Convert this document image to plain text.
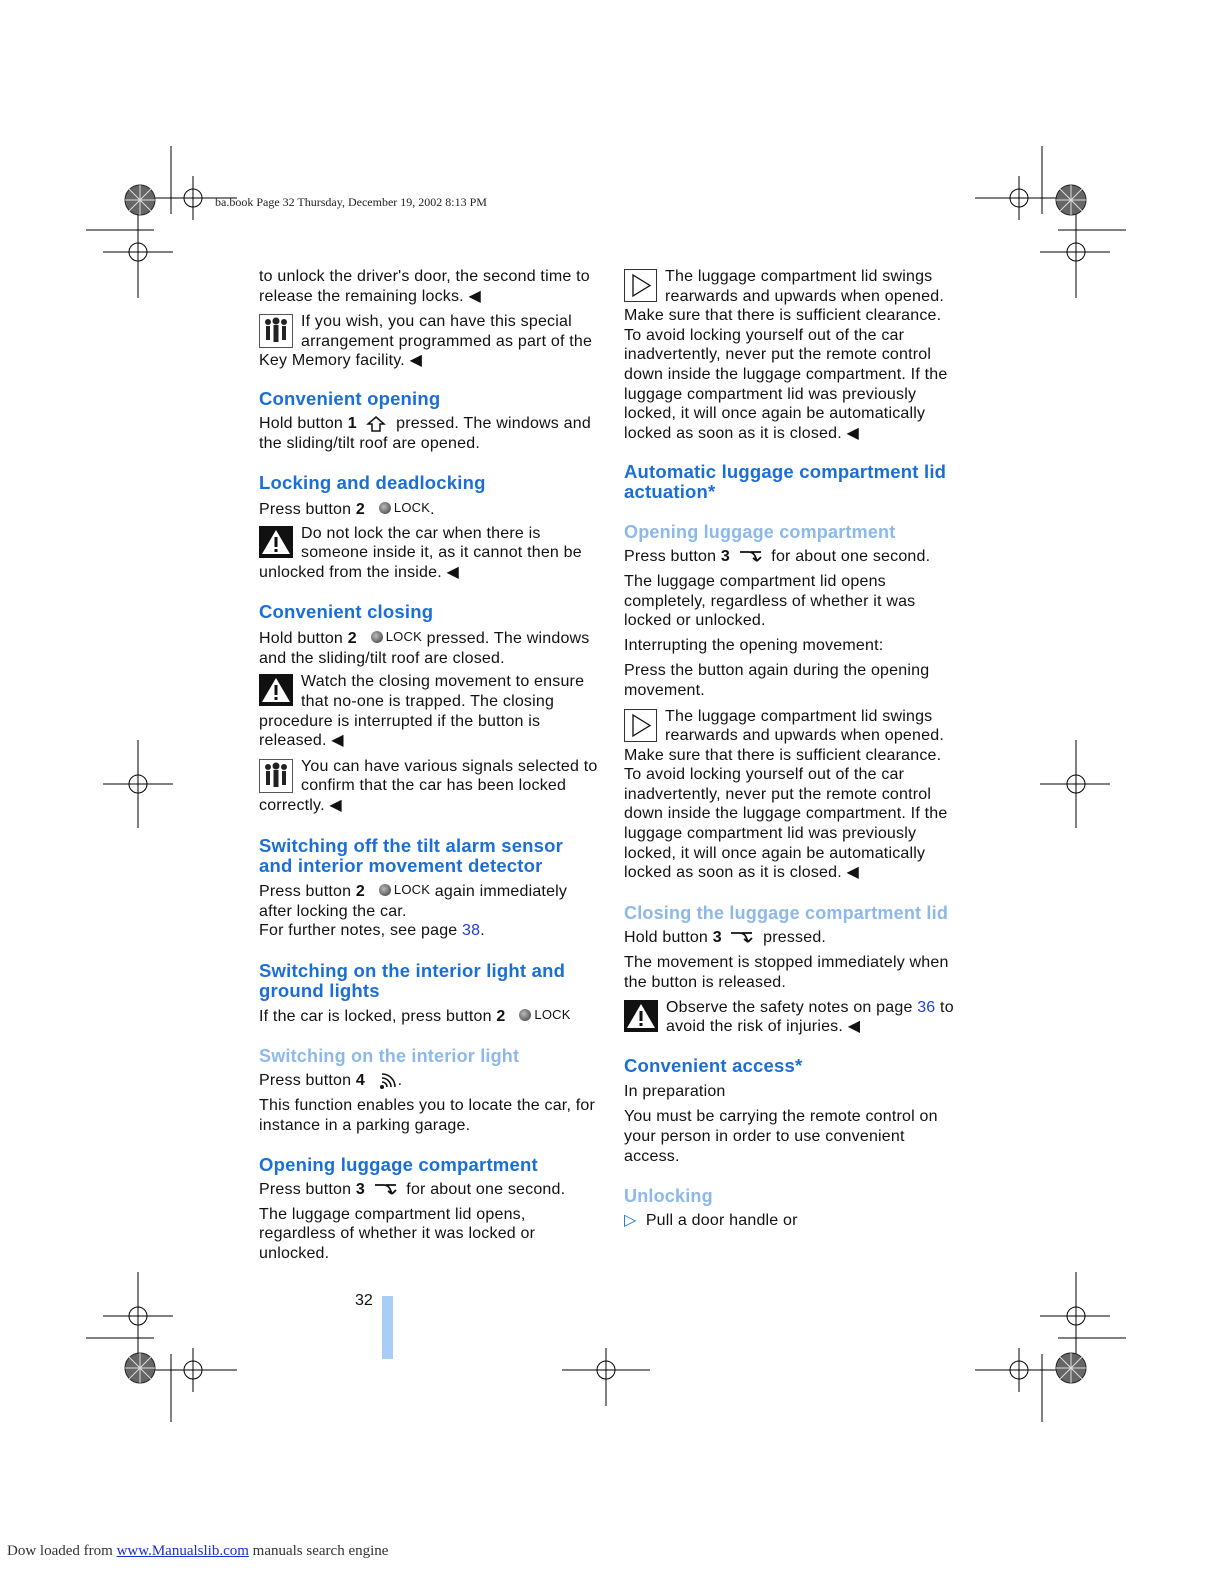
ba.book Page 32 Thursday, December 19, 2002 8:13 PM

to unlock the driver's door, the second time to release the remaining locks. ◀

If you wish, you can have this special arrangement programmed as part of the Key Memory facility. ◀

Convenient opening

Hold button 1  pressed. The windows and the sliding/tilt roof are opened.

Locking and deadlocking

Press button 2 LOCK .

Do not lock the car when there is someone inside it, as it cannot then be unlocked from the inside. ◀

Convenient closing

Hold button 2 LOCK pressed. The windows and the sliding/tilt roof are closed.

Watch the closing movement to ensure that no-one is trapped. The closing procedure is interrupted if the button is released. ◀

You can have various signals selected to confirm that the car has been locked correctly. ◀

Switching off the tilt alarm sensor and interior movement detector

Press button 2 LOCK again immediately after locking the car.

For further notes, see page 38.

Switching on the interior light and ground lights

If the car is locked, press button 2 LOCK

Switching on the interior light

Press button 4 .

This function enables you to locate the car, for instance in a parking garage.

Opening luggage compartment

Press button 3	for about one second.

The luggage compartment lid opens, regardless of whether it was locked or unlocked.

The luggage compartment lid swings rearwards and upwards when opened. Make sure that there is sufficient clearance.

To avoid locking yourself out of the car inadvertently, never put the remote control down inside the luggage compartment. If the luggage compartment lid was previously locked, it will once again be automatically locked as soon as it is closed. ◀

Automatic luggage compartment lid actuation*
Opening luggage compartment

Press button 3	for about one second.

The luggage compartment lid opens completely, regardless of whether it was locked or unlocked.

Interrupting the opening movement:

Press the button again during the opening movement.

The luggage compartment lid swings rearwards and upwards when opened. Make sure that there is sufficient clearance.

To avoid locking yourself out of the car inadvertently, never put the remote control down inside the luggage compartment. If the luggage compartment lid was previously locked, it will once again be automatically locked as soon as it is closed. ◀

Closing the luggage compartment lid

Hold button 3	pressed.

The movement is stopped immediately when the button is released.

Observe the safety notes on page 36 to avoid the risk of injuries. ◀

Convenient access*

In preparation

You must be carrying the remote control on your person in order to use convenient access.

Unlocking

▷ Pull a door handle or

32
Dow loaded from www.Manualslib.com manuals search engine
